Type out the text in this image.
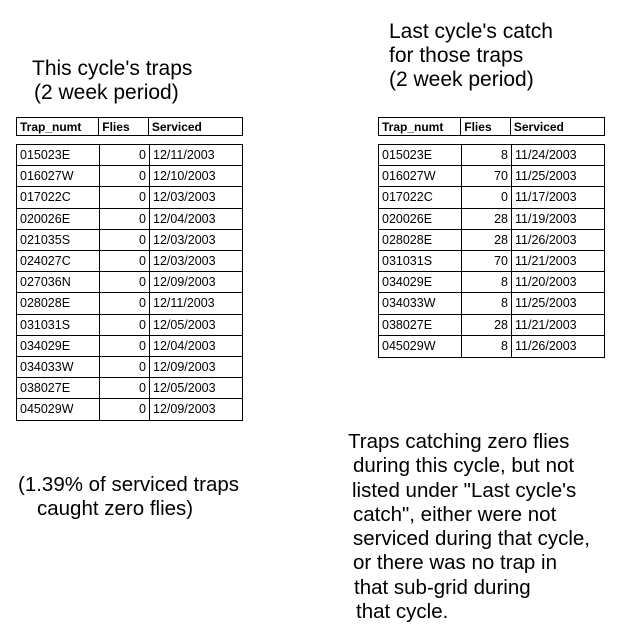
This cycle's traps
(2 week period)
Last cycle's catch
for those traps
(2 week period)
Trap_numt	Flies	Serviced
015023E	0 12/11/2003
016027W	0 12/10/2003
017022C	0 12/03/2003
020026E	0 12/04/2003
021035S	0 12/03/2003
024027C	0 12/03/2003
027036N	0 12/09/2003
028028E	0 12/11/2003
031031S	0 12/05/2003
034029E	0 12/04/2003
034033W	0 12/09/2003
038027E	0 12/05/2003
045029W	0 12/09/2003
Trap_numt	Flies	Serviced
015023E	8 11/24/2003
016027W	70 11/25/2003
017022C	0 11/17/2003
020026E	28 11/19/2003
028028E	28 11/26/2003
031031S	70 11/21/2003
034029E	8 11/20/2003
034033W	8 11/25/2003
038027E	28 11/21/2003
045029W	8 11/26/2003
(1.39% of serviced traps
caught zero flies)
Traps catching zero flies
during this cycle, but not
listed under "Last cycle's
catch", either were not
serviced during that cycle,
or there was no trap in
that sub-grid during
that cycle.
